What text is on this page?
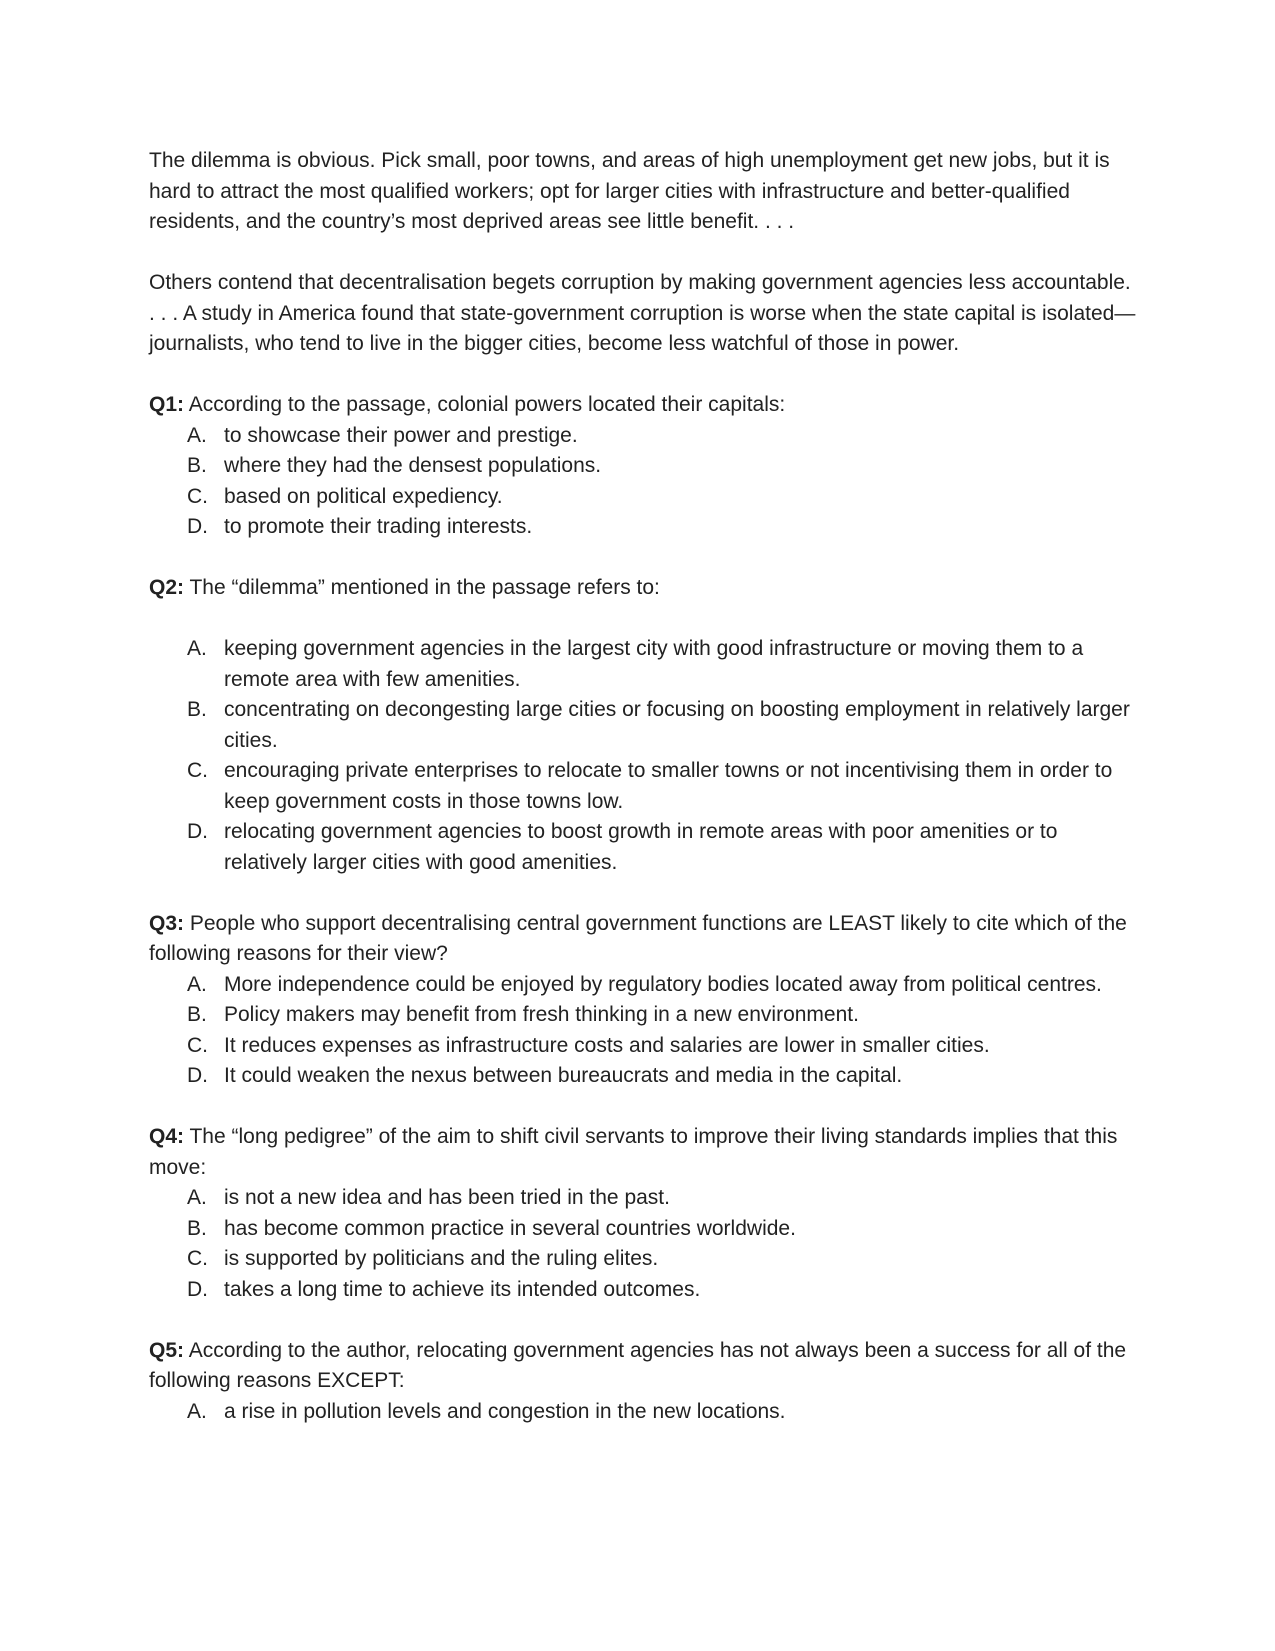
The dilemma is obvious. Pick small, poor towns, and areas of high unemployment get new jobs, but it is hard to attract the most qualified workers; opt for larger cities with infrastructure and better-qualified residents, and the country’s most deprived areas see little benefit. . . .

Others contend that decentralisation begets corruption by making government agencies less accountable. . . . A study in America found that state-government corruption is worse when the state capital is isolated—journalists, who tend to live in the bigger cities, become less watchful of those in power.

Q1: According to the passage, colonial powers located their capitals:

A. to showcase their power and prestige.
B. where they had the densest populations.
C. based on political expediency.
D. to promote their trading interests.

Q2: The “dilemma” mentioned in the passage refers to:

A. keeping government agencies in the largest city with good infrastructure or moving them to a remote area with few amenities.
B. concentrating on decongesting large cities or focusing on boosting employment in relatively larger cities.
C. encouraging private enterprises to relocate to smaller towns or not incentivising them in order to keep government costs in those towns low.
D. relocating government agencies to boost growth in remote areas with poor amenities or to relatively larger cities with good amenities.

Q3: People who support decentralising central government functions are LEAST likely to cite which of the following reasons for their view?

A. More independence could be enjoyed by regulatory bodies located away from political centres.
B. Policy makers may benefit from fresh thinking in a new environment.
C. It reduces expenses as infrastructure costs and salaries are lower in smaller cities.
D. It could weaken the nexus between bureaucrats and media in the capital.

Q4: The “long pedigree” of the aim to shift civil servants to improve their living standards implies that this move:

A. is not a new idea and has been tried in the past.
B. has become common practice in several countries worldwide.
C. is supported by politicians and the ruling elites.
D. takes a long time to achieve its intended outcomes.

Q5: According to the author, relocating government agencies has not always been a success for all of the following reasons EXCEPT:

A. a rise in pollution levels and congestion in the new locations.
